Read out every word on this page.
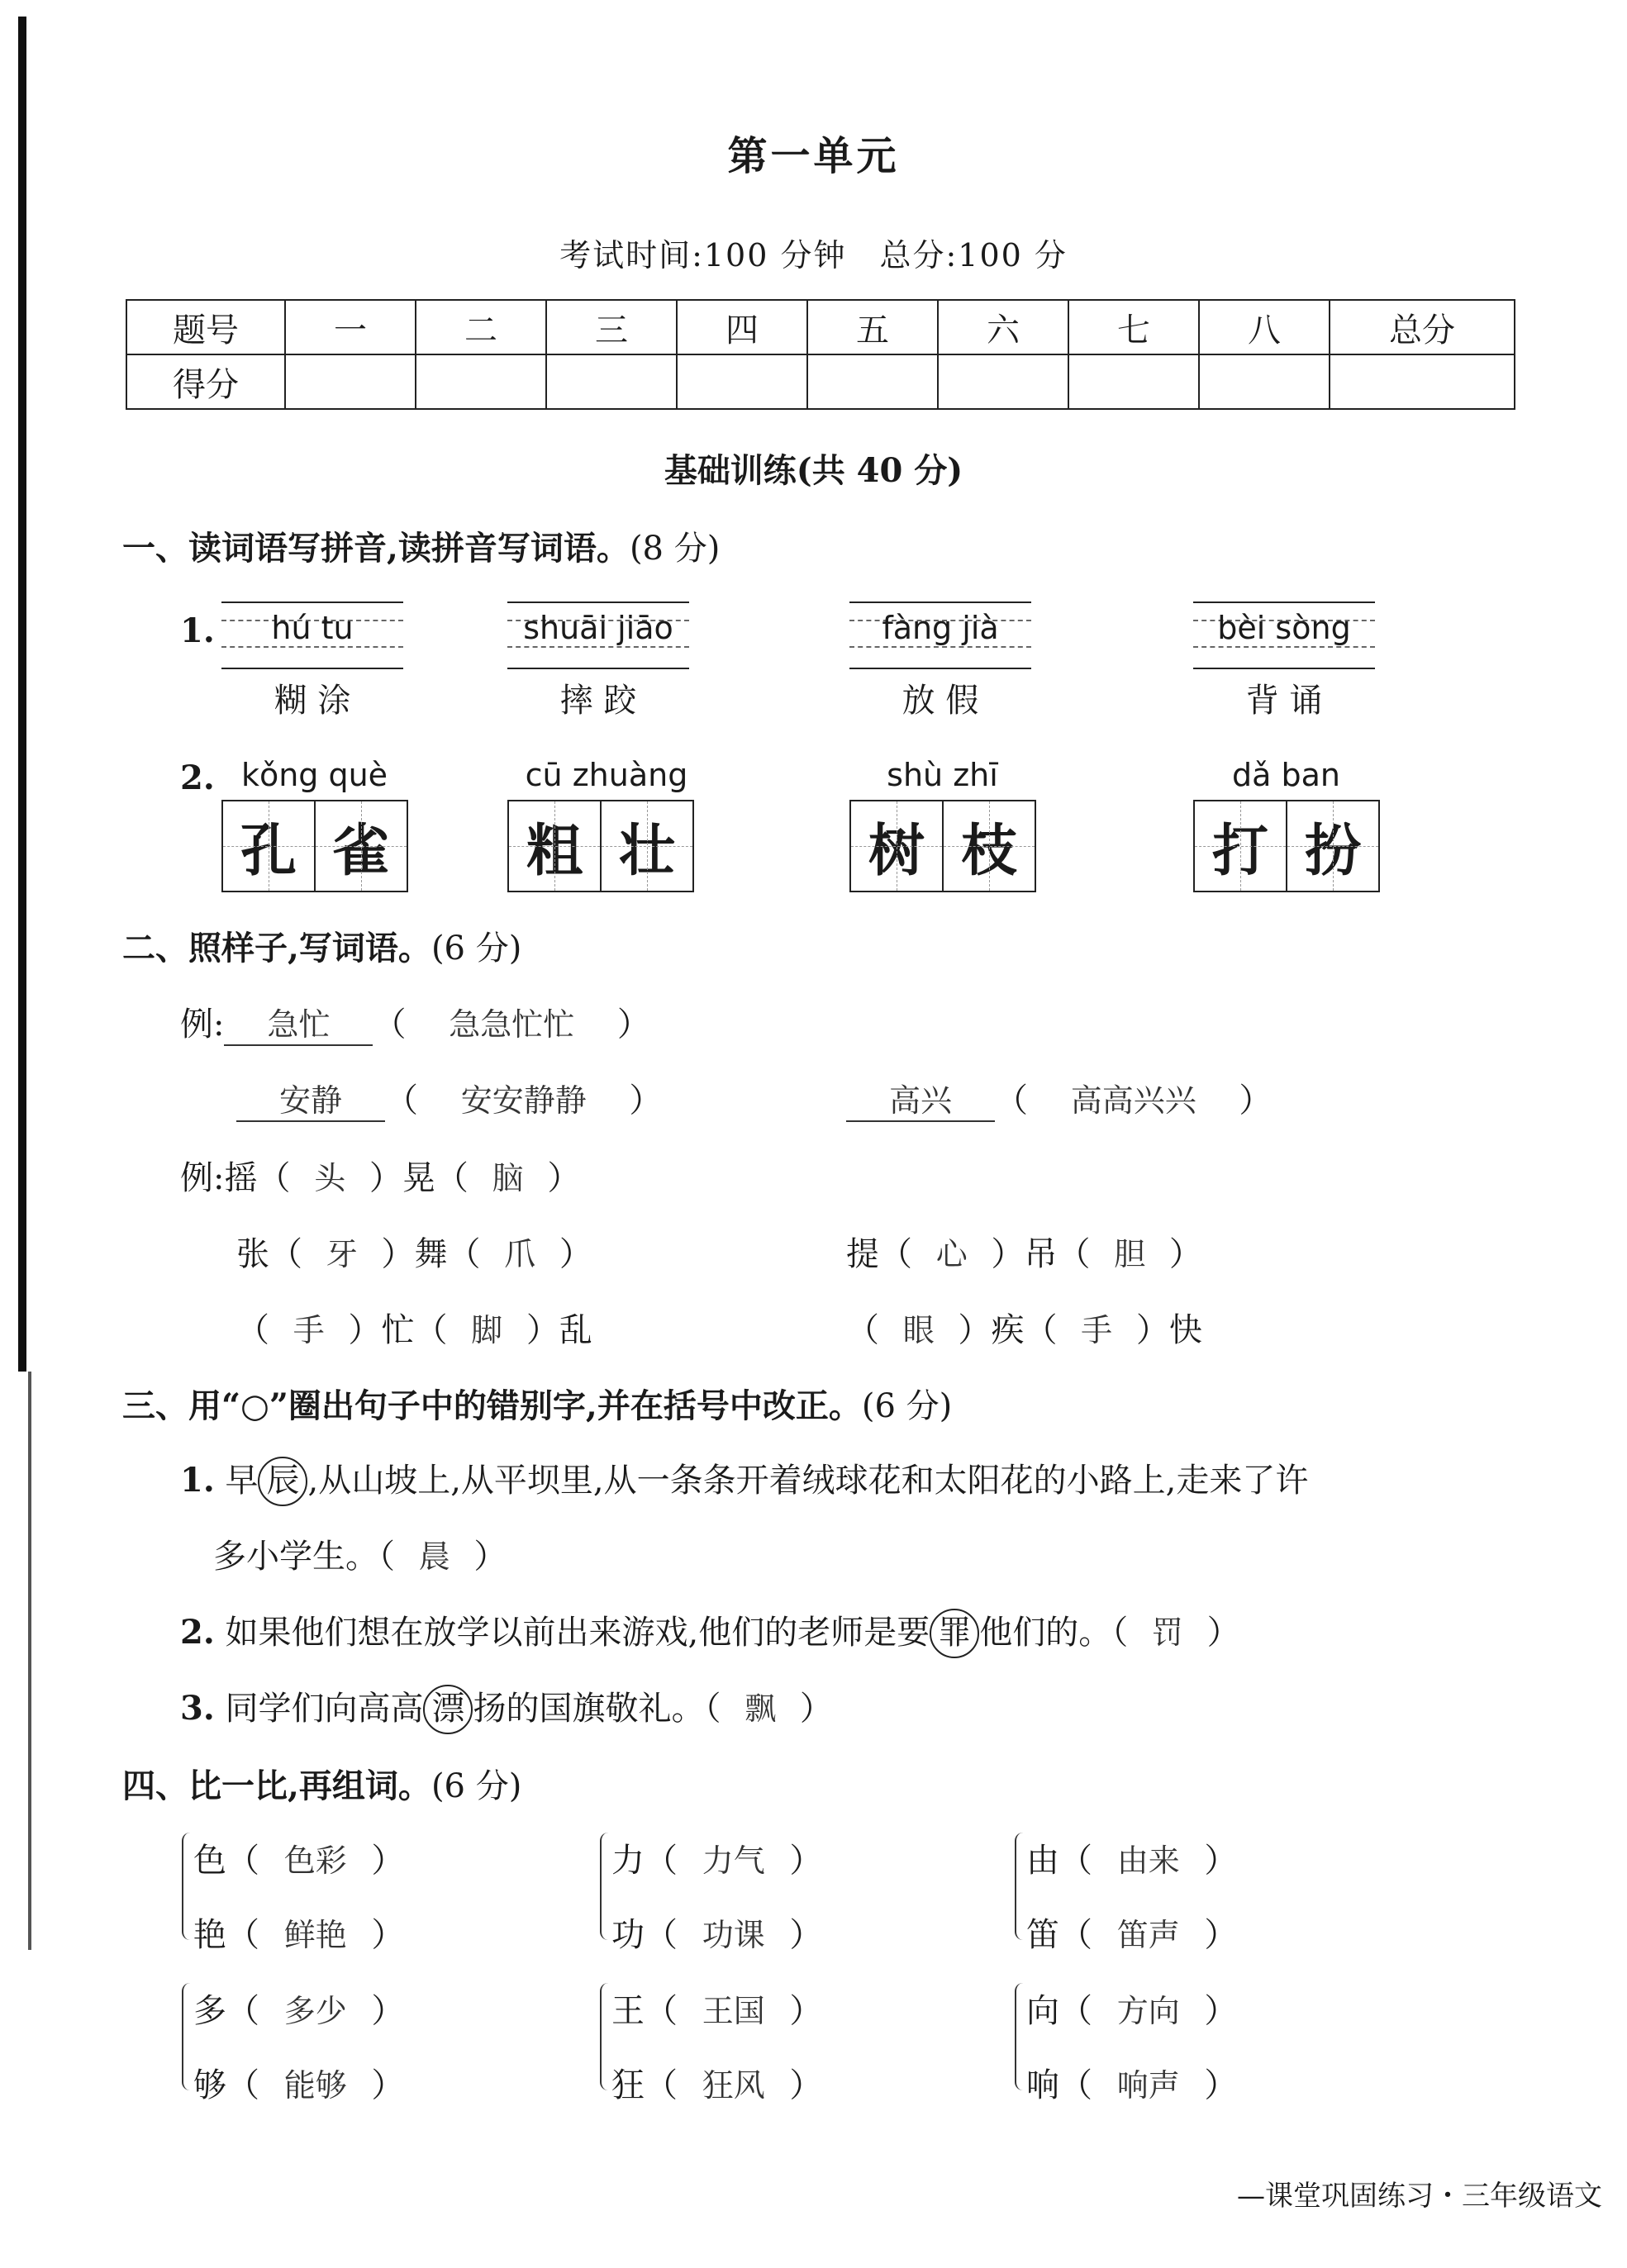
第一单元
考试时间:100 分钟　总分:100 分
题号	一	二	三	四	五	六	七	八	总分
得分									
基础训练(共 40 分)
一、读词语写拼音,读拼音写词语。(8 分)
1.	hú tu
糊 涂
shuāi jiāo
摔 跤
fàng jià
放 假
bèi sòng
背 诵
2. kǒng què
孔 雀
cū zhuàng
粗 壮
shù zhī
树 枝
dǎ ban
打 扮
二、照样子,写词语。(6 分)
例: 急忙 （ 急急忙忙 ）
安静 （ 安安静静 ）	高兴 （ 高高兴兴 ）
例:摇（ 头 ）晃（ 脑 ）
张（ 牙 ）舞（ 爪 ）	提（ 心 ）吊（ 胆 ）
（ 手 ）忙（ 脚 ）乱	（ 眼 ）疾（ 手 ）快
三、用“○”圈出句子中的错别字,并在括号中改正。(6 分)
1. 早 辰 ,从山坡上,从平坝里,从一条条开着绒球花和太阳花的小路上,走来了许
多小学生。（ 晨 ）
2. 如果他们想在放学以前出来游戏,他们的老师是要 罪 他们的。（ 罚 ）
3. 同学们向高高 漂 扬的国旗敬礼。（ 飘 ）
四、比一比,再组词。(6 分)
色（ 色彩 ）
艳（ 鲜艳 ）
力（ 力气 ）
功（ 功课 ）
由（ 由来 ）
笛（ 笛声 ）
多（ 多少 ）
够（ 能够 ）
王（ 王国 ）
狂（ 狂风 ）
向（ 方向 ）
响（ 响声 ）
—课堂巩固练习・三年级语文
